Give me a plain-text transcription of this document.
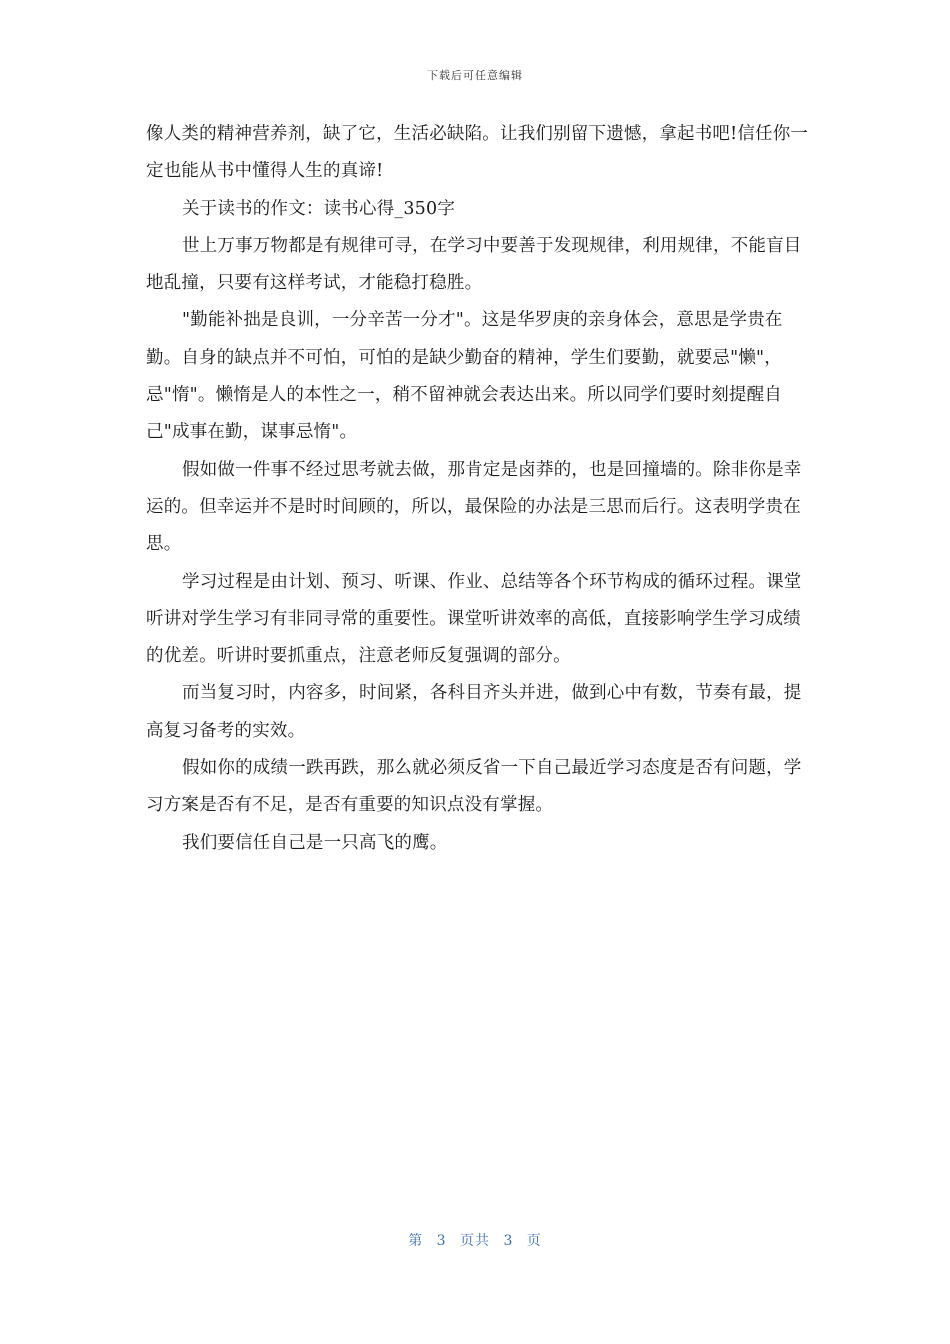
下载后可任意编辑

像人类的精神营养剂，缺了它，生活必缺陷。让我们别留下遗憾，拿起书吧!信任你一定也能从书中懂得人生的真谛!

关于读书的作文：读书心得_350字

世上万事万物都是有规律可寻，在学习中要善于发现规律，利用规律，不能盲目地乱撞，只要有这样考试，才能稳打稳胜。

"勤能补拙是良训，一分辛苦一分才"。这是华罗庚的亲身体会，意思是学贵在勤。自身的缺点并不可怕，可怕的是缺少勤奋的精神，学生们要勤，就要忌"懒"，忌"惰"。懒惰是人的本性之一，稍不留神就会表达出来。所以同学们要时刻提醒自己"成事在勤，谋事忌惰"。

假如做一件事不经过思考就去做，那肯定是卤莽的，也是回撞墙的。除非你是幸运的。但幸运并不是时时间顾的，所以，最保险的办法是三思而后行。这表明学贵在思。

学习过程是由计划、预习、听课、作业、总结等各个环节构成的循环过程。课堂听讲对学生学习有非同寻常的重要性。课堂听讲效率的高低，直接影响学生学习成绩的优差。听讲时要抓重点，注意老师反复强调的部分。

而当复习时，内容多，时间紧，各科目齐头并进，做到心中有数，节奏有最，提高复习备考的实效。

假如你的成绩一跌再跌，那么就必须反省一下自己最近学习态度是否有问题，学习方案是否有不足，是否有重要的知识点没有掌握。

我们要信任自己是一只高飞的鹰。

第 3 页共 3 页
